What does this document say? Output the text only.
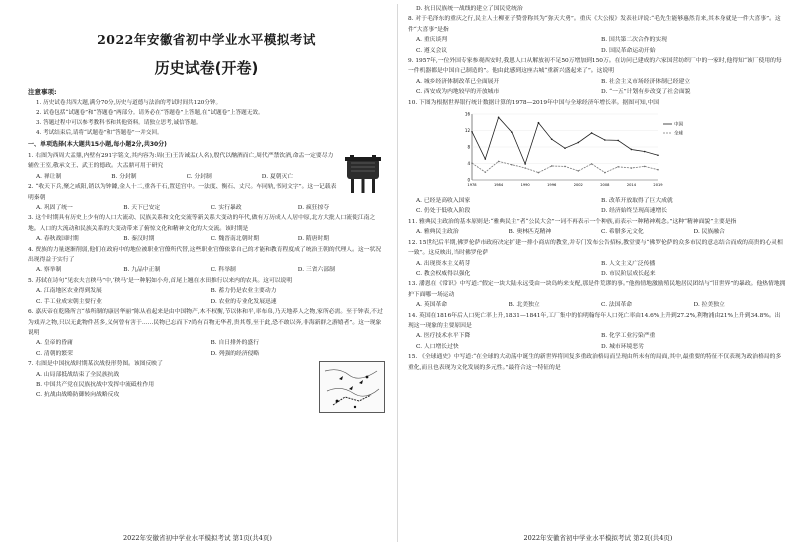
2022年安徽省初中学业水平模拟考试
历史试卷(开卷)
注意事项:
1. 历史试卷共四大题,满分70分,历史与道德与法治的考试时间共120分钟。
2. 试卷包括“试题卷”和“答题卷”两部分。请务必在“答题卷”上答题,在“试题卷”上答题无效。
3. 答题过程中可以参考教科书和其他资料。请独立思考,诚信答题。
4. 考试结束后,请将“试题卷”和“答题卷”一并交回。
一、单项选择(本大题共15小题,每小题2分,共30分)
1. 右图为西周大盂鼎,内壁有291字铭文,其内容为:周(王)王告诫盂(人名),殷代以酗酒而亡,周代严禁饮酒,命盂一定要尽力辅佐王室,敬承文王、武王的德政。大盂鼎可用于研究
A. 禅让制	B. 分封制	C. 分封制	D. 夏朝灭亡
2. “收天下兵,聚之咸阳,销以为钟鐻,金人十二,重各千石,置廷宫中。一法度、衡石、丈尺。车同轨,书同文字”。这一记载表明秦朝
A. 巩固了统一	B. 天下已安定	C. 实行暴政	D. 疯狂掠夺
3. 这个时期具有历史上少有的人口大流动、民族关系和文化交流等新关系大变动的年代,做有万历成人人居中原,北方大批人口流徙江南之地。人口的大流动和民族关系的大变动带来了俯惊文化和精神文化的大交流。该时期是
A. 春秋战国时期	B. 秦汉时期	C. 魏晋南北朝时期	D. 隋唐时期
4. 贾族的力量逐渐削弱,他们在政府中的地位被职业官僚所代替,这些职业官僚依靠自己的才能和教育程度成了统治王朝的代理人。这一状况出现得益于实行了
A. 察举制	B. 九品中正制	C. 科举制	D. 三省六部制
5. 苏轼在诗句“见农夫言秧马”中,‘秧马’是一种躬如小舟,首尾上翘在水田推行以来内的农具。这可以说明
A. 江南地区农业得到发展	B. 蓄力仍是农业主要动力
C. 手工业成宋朝主要行业	D. 农业的专业化发展迅速
6. 嘉庆帝在乾隆所言“恭所制的康居华丽”陈从看起来是由中国物产,木不权衡,节以体和平,率布帛,乃天地养人之物,家所必需。至于钟表,不过为戏弄之物,只以无此物件甚多,义何曾有害于……民物已忘而下?尚有百物无华者,贵其尊,至于此,恐不敢以奔,非海新群之游嬉者”。这一现象说明
A. 皇帝的昏庸	B. 自日排外的盛行
C. 清朝的繁荣	D. 列强的经济侵略
7. 右图是中国抗战时期某次战役形势图。该图反映了
A. 山局部抵战结束了全民族抗战
B. 中国共产党在民族抗战中发挥中流砥柱作用
C. 抗战由战略防御转向战略反攻
2022年安徽省初中学业水平模拟考试 第1页(共4页)
D. 抗日民族统一战线的建立了国民党统治
8. 对于毛泽东的重庆之行,民主人士柳亚子赞誉称其为“弥天大勇”。重庆《大公报》发表社评说:“毛先生能够惠然肯来,其本身就是一件大喜事”。这件“大喜事”是指
A. 重庆谈判	B. 国共第二次合作的实现
C. 遵义会议	D. 国民革命运动开始
9. 1957年,一位外国专家参观西安时,我恩人口从解放初不足50万增加到150万。在访问已建成的六家国营纺织厂中的一家时,他得知“该厂使用的每一件机器都是中国自己制造的”。他由此感到这座古城“重新兴盛起来了”。这说明
A. 城乡经济体制改革已全面展开	B. 社会主义市场经济体制已经建立
C. 西安成为内地较早的开放城市	D. “一五”计划有步改变了社会面貌
10. 下图为根据世界银行统计数据计算的1978—2019年中国与全球经济年增长率。据图可知,中国
0
4
8
12
16
1978	1984	1990	1996	2002	2008	2014	2019
中国
全球
A. 已经是高收入国家	B. 改革开放取得了巨大成就
C. 仍处于低收入阶段	D. 经济始终呈现高速增长
11. 雅典民主政治的基本原则是:“雅典民主”者“公民大会”一词不再表示一个种族,而表示一种精神观念。”这种“精神面貌”主要是指
A. 雅典民主政治	B. 奥林匹克精神	C. 希腊多元文化	D. 民族融合
12. 15世纪后半期,佛罗伦萨市政府决定扩建一排小商店的教堂,并专门发布公告招标,教堂要与“佛罗伦萨的众多市民的意志结合而成的高贵的心灵相一致”。这反映出,当时佛罗伦萨
A. 出现资本主义萌芽	B. 人文主义广泛传播
C. 教会权威得以强化	D. 市民阶层成长起来
13. 潘恩在《常识》中写道:“假定一块大陆永远受由一块岛屿来支配,那是件荒谬的事。”他热情地激励殖民地居民团结与“旧世界”的暴政。他热情地拥护下面哪一场运动
A. 英国革命	B. 北美独立	C. 法国革命	D. 拉美独立
14. 英国在1816年后人口死亡率上升,1831—1841年,工厂集中的伯明翰每年人口死亡率由14.6%上升到27.2%,利物浦由21%上升到34.8%。出现这一现象的主要原因是
A. 医疗技术水平下降	B. 化学工业污染严重
C. 人口增长过快	D. 城市环境恶劣
15. 《全球通史》中写道:“在全球的大动荡中诞生的新世界将回复多重政治格局而呈现由所未有的局面,其中,最重要的特征不仅表现为政治格局的多重化,而且也表现为文化发展的多元性。”最符合这一特征的是
2022年安徽省初中学业水平模拟考试 第2页(共4页)
